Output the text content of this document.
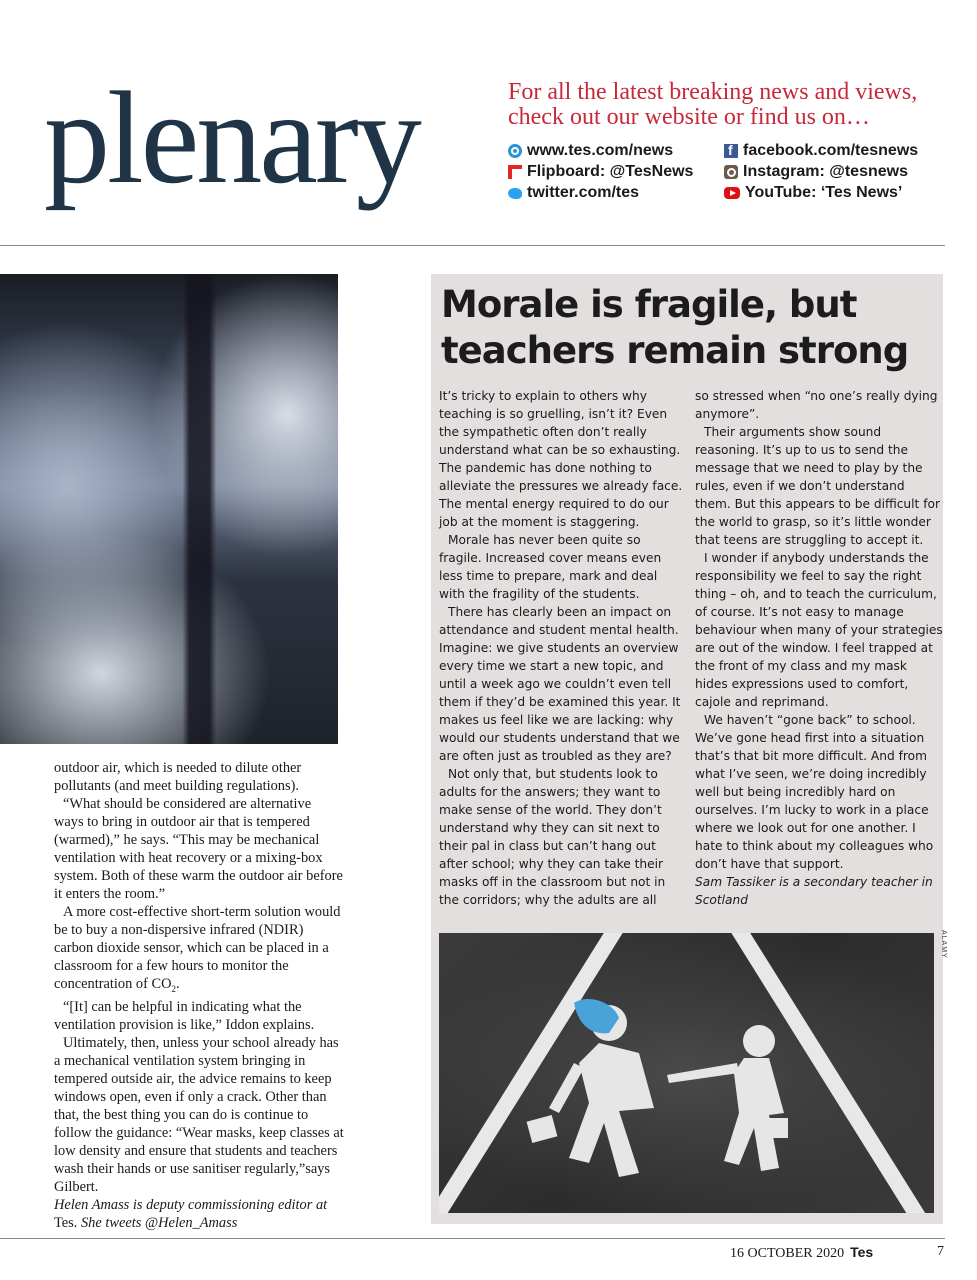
plenary	For all the latest breaking news and views,

check out our website or find us on…

www.tes.com/news
Flipboard: @TesNews
twitter.com/tes
f
facebook.com/tesnews
Instagram: @tesnews
YouTube: ‘Tes News’

outdoor air, which is needed to dilute other pollutants (and meet building regulations).

“What should be considered are alternative ways to bring in outdoor air that is tempered (warmed),” he says. “This may be mechanical ventilation with heat recovery or a mixing-box system. Both of these warm the outdoor air before it enters the room.”

A more cost-effective short-term solution would be to buy a non-dispersive infrared (NDIR) carbon dioxide sensor, which can be placed in a classroom for a few hours to monitor the concentration of $CO_2$.

“[It] can be helpful in indicating what the ventilation provision is like,” Iddon explains.

Ultimately, then, unless your school already has a mechanical ventilation system bringing in tempered outside air, the advice remains to keep windows open, even if only a crack. Other than that, the best thing you can do is continue to follow the guidance: “Wear masks, keep classes at low density and ensure that students and teachers wash their hands or use sanitiser regularly,”says Gilbert.

Helen Amass is deputy commissioning editor at Tes. She tweets @Helen_Amass

Morale is fragile, but teachers remain strong

It’s tricky to explain to others why teaching is so gruelling, isn’t it? Even the sympathetic often don’t really understand what can be so exhausting. The pandemic has done nothing to alleviate the pressures we already face. The mental energy required to do our job at the moment is staggering.

Morale has never been quite so fragile. Increased cover means even less time to prepare, mark and deal with the fragility of the students.

There has clearly been an impact on attendance and student mental health. Imagine: we give students an overview every time we start a new topic, and until a week ago we couldn’t even tell them if they’d be examined this year. It makes us feel like we are lacking: why would our students understand that we are often just as troubled as they are?

Not only that, but students look to adults for the answers; they want to make sense of the world. They don’t understand why they can sit next to their pal in class but can’t hang out after school; why they can take their masks off in the classroom but not in the corridors; why the adults are all

so stressed when “no one’s really dying anymore”.

Their arguments show sound reasoning. It’s up to us to send the message that we need to play by the rules, even if we don’t understand them. But this appears to be difficult for the world to grasp, so it’s little wonder that teens are struggling to accept it.

I wonder if anybody understands the responsibility we feel to say the right thing – oh, and to teach the curriculum, of course. It’s not easy to manage behaviour when many of your strategies are out of the window. I feel trapped at the front of my class and my mask hides expressions used to comfort, cajole and reprimand.

We haven’t “gone back” to school. We’ve gone head first into a situation that’s that bit more difficult. And from what I’ve seen, we’re doing incredibly well but being incredibly hard on ourselves. I’m lucky to work in a place where we look out for one another. I hate to think about my colleagues who don’t have that support.

Sam Tassiker is a secondary teacher in Scotland

ALAMY
16 OCTOBER 2020 Tes	7
